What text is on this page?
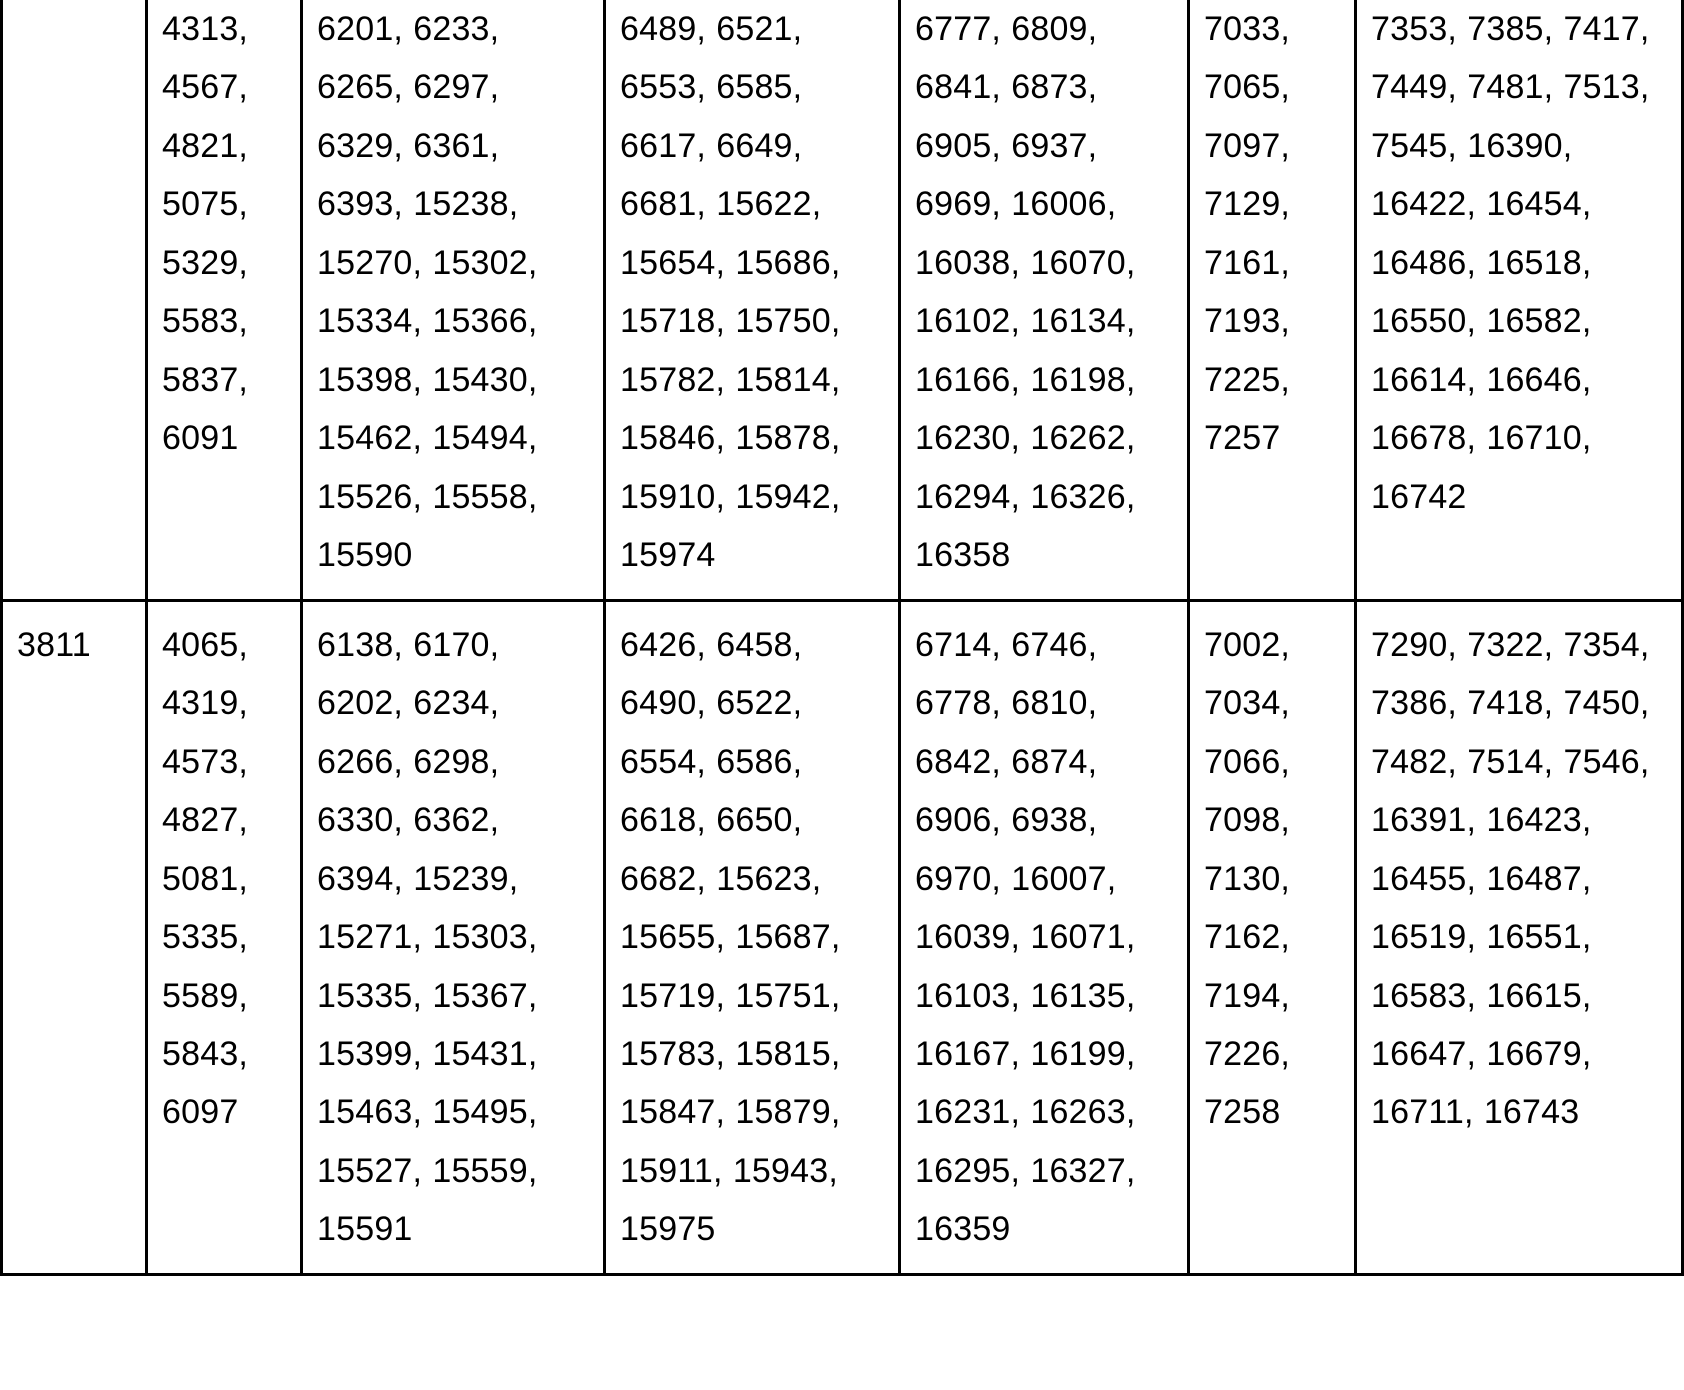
	4313, 4567, 4821, 5075, 5329, 5583, 5837, 6091	6201, 6233, 6265, 6297, 6329, 6361, 6393, 15238, 15270, 15302, 15334, 15366, 15398, 15430, 15462, 15494, 15526, 15558, 15590	6489, 6521, 6553, 6585, 6617, 6649, 6681, 15622, 15654, 15686, 15718, 15750, 15782, 15814, 15846, 15878, 15910, 15942, 15974	6777, 6809, 6841, 6873, 6905, 6937, 6969, 16006, 16038, 16070, 16102, 16134, 16166, 16198, 16230, 16262, 16294, 16326, 16358	7033, 7065, 7097, 7129, 7161, 7193, 7225, 7257	7353, 7385, 7417, 7449, 7481, 7513, 7545, 16390, 16422, 16454, 16486, 16518, 16550, 16582, 16614, 16646, 16678, 16710, 16742
3811	4065, 4319, 4573, 4827, 5081, 5335, 5589, 5843, 6097	6138, 6170, 6202, 6234, 6266, 6298, 6330, 6362, 6394, 15239, 15271, 15303, 15335, 15367, 15399, 15431, 15463, 15495, 15527, 15559, 15591	6426, 6458, 6490, 6522, 6554, 6586, 6618, 6650, 6682, 15623, 15655, 15687, 15719, 15751, 15783, 15815, 15847, 15879, 15911, 15943, 15975	6714, 6746, 6778, 6810, 6842, 6874, 6906, 6938, 6970, 16007, 16039, 16071, 16103, 16135, 16167, 16199, 16231, 16263, 16295, 16327, 16359	7002, 7034, 7066, 7098, 7130, 7162, 7194, 7226, 7258	7290, 7322, 7354, 7386, 7418, 7450, 7482, 7514, 7546, 16391, 16423, 16455, 16487, 16519, 16551, 16583, 16615, 16647, 16679, 16711, 16743
